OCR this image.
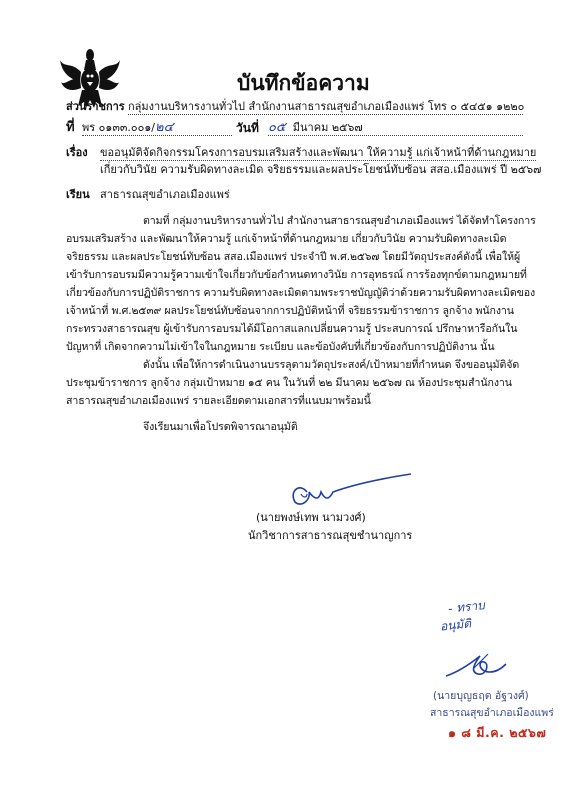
บันทึกข้อความ
ส่วนราชการ กลุ่มงานบริหารงานทั่วไป สำนักงานสาธารณสุขอำเภอเมืองแพร่ โทร ๐ ๕๔๕๑ ๑๒๒๐
ที่ พร ๐๑๓๓.๐๐๑/๒๔	วันที่ ๐๕ มีนาคม ๒๕๖๗
เรื่อง ขออนุมัติจัดกิจกรรมโครงการอบรมเสริมสร้างและพัฒนา ให้ความรู้ แก่เจ้าหน้าที่ด้านกฎหมาย
เกี่ยวกับวินัย ความรับผิดทางละเมิด จริยธรรมและผลประโยชน์ทับซ้อน สสอ.เมืองแพร่ ปี ๒๕๖๗
เรียน สาธารณสุขอำเภอเมืองแพร่
ตามที่ กลุ่มงานบริหารงานทั่วไป สำนักงานสาธารณสุขอำเภอเมืองแพร่ ได้จัดทำโครงการ
อบรมเสริมสร้าง และพัฒนาให้ความรู้ แก่เจ้าหน้าที่ด้านกฎหมาย เกี่ยวกับวินัย ความรับผิดทางละเมิด
จริยธรรม และผลประโยชน์ทับซ้อน สสอ.เมืองแพร่ ประจำปี พ.ศ.๒๕๖๗ โดยมีวัตถุประสงค์ดังนี้ เพื่อให้ผู้
เข้ารับการอบรมมีความรู้ความเข้าใจเกี่ยวกับข้อกำหนดทางวินัย การอุทธรณ์ การร้องทุกข์ตามกฎหมายที่
เกี่ยวข้องกับการปฏิบัติราชการ ความรับผิดทางละเมิดตามพระราชบัญญัติว่าด้วยความรับผิดทางละเมิดของ
เจ้าหน้าที่ พ.ศ.๒๕๓๙ ผลประโยชน์ทับซ้อนจากการปฏิบัติหน้าที่ จริยธรรมข้าราชการ ลูกจ้าง พนักงาน
กระทรวงสาธารณสุข ผู้เข้ารับการอบรมได้มีโอกาสแลกเปลี่ยนความรู้ ประสบการณ์ ปรึกษาหารือกันใน
ปัญหาที่ เกิดจากความไม่เข้าใจในกฎหมาย ระเบียบ และข้อบังคับที่เกี่ยวข้องกับการปฏิบัติงาน นั้น
ดังนั้น เพื่อให้การดำเนินงานบรรลุตามวัตถุประสงค์/เป้าหมายที่กำหนด จึงขออนุมัติจัด
ประชุมข้าราชการ ลูกจ้าง กลุ่มเป้าหมาย ๑๕ คน ในวันที่ ๒๒ มีนาคม ๒๕๖๗ ณ ห้องประชุมสำนักงาน
สาธารณสุขอำเภอเมืองแพร่ รายละเอียดตามเอกสารที่แนบมาพร้อมนี้
จึงเรียนมาเพื่อโปรดพิจารณาอนุมัติ
(นายพงษ์เทพ นามวงศ์)
นักวิชาการสาธารณสุขชำนาญการ
- ทราบ
อนุมัติ
(นายบุญธฤต อัฐวงศ์)
สาธารณสุขอำเภอเมืองแพร่
๑ ๘ มี.ค. ๒๕๖๗
